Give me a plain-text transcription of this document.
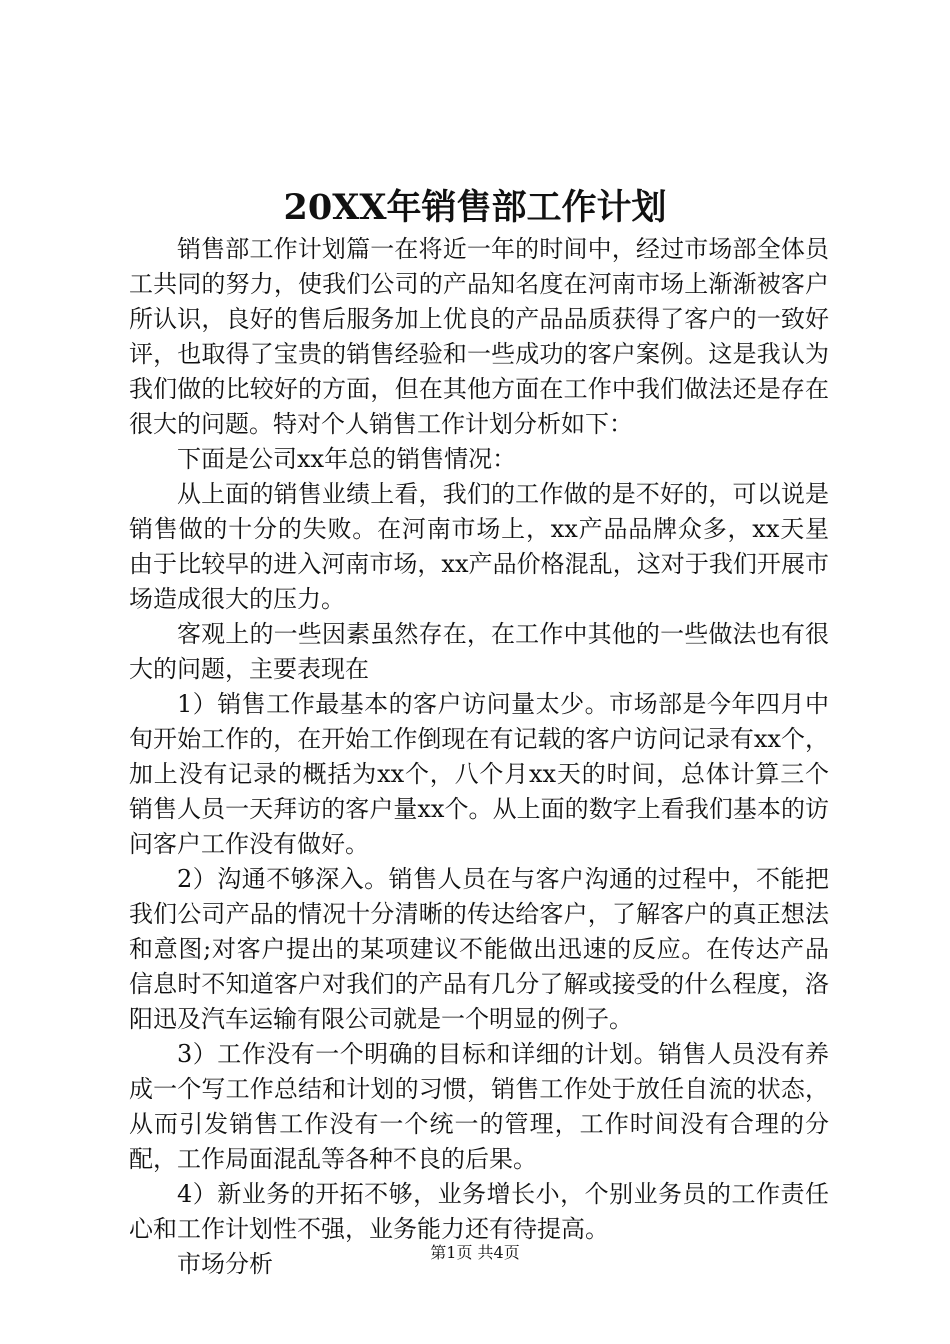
20XX年销售部工作计划

销售部工作计划篇一在将近一年的时间中，经过市场部全体员工共同的努力，使我们公司的产品知名度在河南市场上渐渐被客户所认识，良好的售后服务加上优良的产品品质获得了客户的一致好评，也取得了宝贵的销售经验和一些成功的客户案例。这是我认为我们做的比较好的方面，但在其他方面在工作中我们做法还是存在很大的问题。特对个人销售工作计划分析如下：

下面是公司xx年总的销售情况：

从上面的销售业绩上看，我们的工作做的是不好的，可以说是销售做的十分的失败。在河南市场上，xx产品品牌众多，xx天星由于比较早的进入河南市场，xx产品价格混乱，这对于我们开展市场造成很大的压力。

客观上的一些因素虽然存在，在工作中其他的一些做法也有很大的问题，主要表现在

1）销售工作最基本的客户访问量太少。市场部是今年四月中旬开始工作的，在开始工作倒现在有记载的客户访问记录有xx个，加上没有记录的概括为xx个，八个月xx天的时间，总体计算三个销售人员一天拜访的客户量xx个。从上面的数字上看我们基本的访问客户工作没有做好。

2）沟通不够深入。销售人员在与客户沟通的过程中，不能把我们公司产品的情况十分清晰的传达给客户，了解客户的真正想法和意图;对客户提出的某项建议不能做出迅速的反应。在传达产品信息时不知道客户对我们的产品有几分了解或接受的什么程度，洛阳迅及汽车运输有限公司就是一个明显的例子。

3）工作没有一个明确的目标和详细的计划。销售人员没有养成一个写工作总结和计划的习惯，销售工作处于放任自流的状态，从而引发销售工作没有一个统一的管理，工作时间没有合理的分配，工作局面混乱等各种不良的后果。

4）新业务的开拓不够，业务增长小，个别业务员的工作责任心和工作计划性不强，业务能力还有待提高。

市场分析	第1页 共4页
